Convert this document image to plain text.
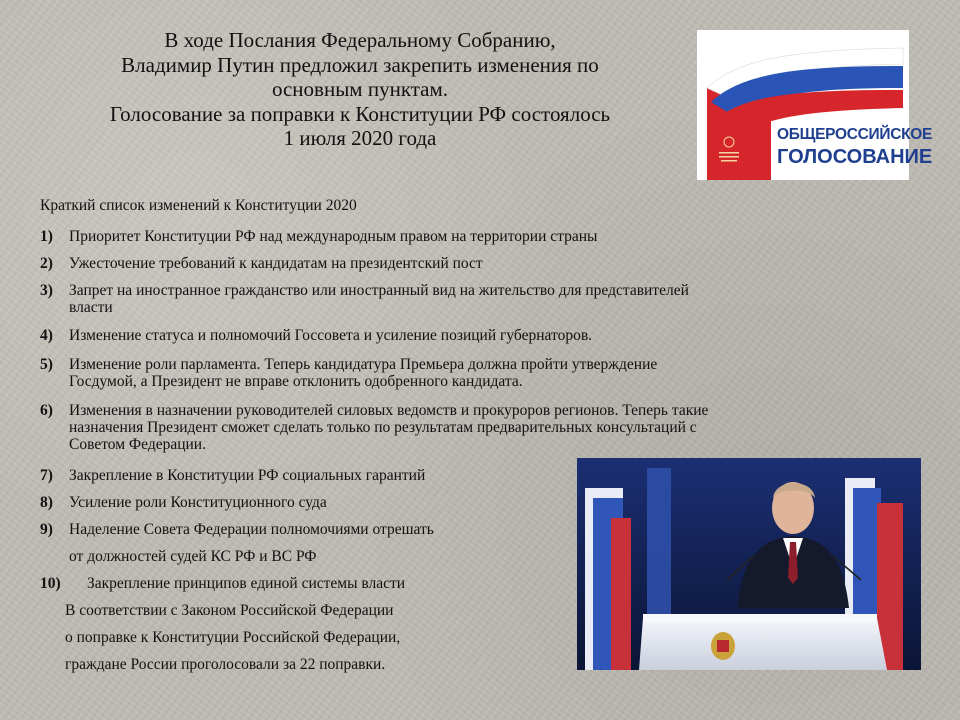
В ходе Послания Федеральному Собранию,
Владимир Путин предложил закрепить изменения по
основным пунктам.
Голосование за поправки к Конституции РФ состоялось
1 июля 2020 года	ОБЩЕРОССИЙСКОЕ
ГОЛОСОВАНИЕ
Краткий список изменений к Конституции 2020
1) Приоритет Конституции РФ над международным правом на территории страны
2) Ужесточение требований к кандидатам на президентский пост
3) Запрет на иностранное гражданство или иностранный вид на жительство для представителей
власти
4) Изменение статуса и полномочий Госсовета и усиление позиций губернаторов.
5) Изменение роли парламента. Теперь кандидатура Премьера должна пройти утверждение
Госдумой, а Президент не вправе отклонить одобренного кандидата.
6) Изменения в назначении руководителей силовых ведомств и прокуроров регионов. Теперь такие
назначения Президент сможет сделать только по результатам предварительных консультаций с
Советом Федерации.
7) Закрепление в Конституции РФ социальных гарантий
8) Усиление роли Конституционного суда
9) Наделение Совета Федерации полномочиями отрешать
от должностей судей КС РФ и ВС РФ
10) Закрепление принципов единой системы власти
В соответствии с Законом Российской Федерации
о поправке к Конституции Российской Федерации,
граждане России проголосовали за 22 поправки.
